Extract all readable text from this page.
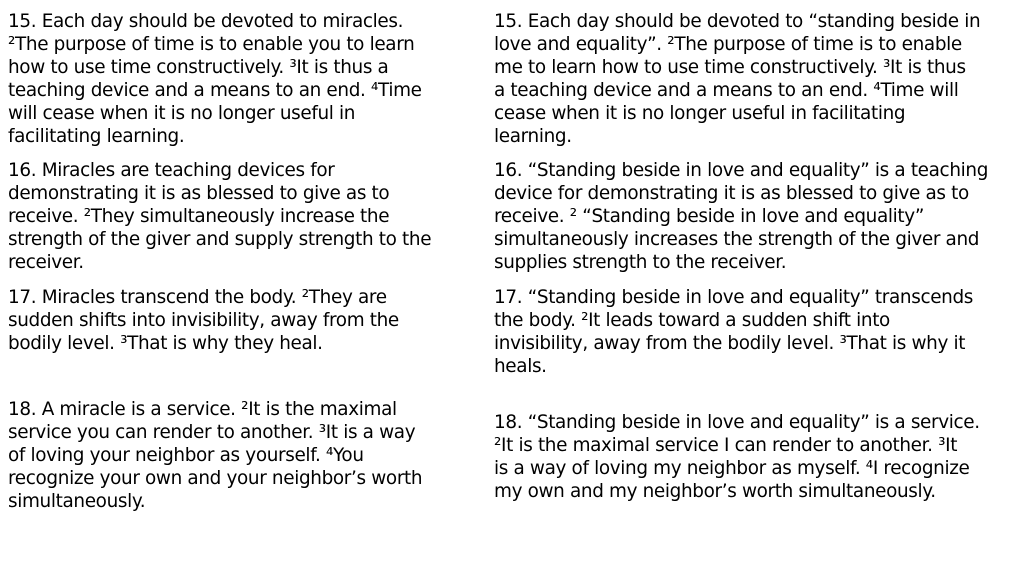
15. Each day should be devoted to miracles.
²The purpose of time is to enable you to learn
how to use time constructively. ³It is thus a
teaching device and a means to an end. ⁴Time
will cease when it is no longer useful in
facilitating learning.

16. Miracles are teaching devices for
demonstrating it is as blessed to give as to
receive. ²They simultaneously increase the
strength of the giver and supply strength to the
receiver.

17. Miracles transcend the body. ²They are
sudden shifts into invisibility, away from the
bodily level. ³That is why they heal.

18. A miracle is a service. ²It is the maximal
service you can render to another. ³It is a way
of loving your neighbor as yourself. ⁴You
recognize your own and your neighbor’s worth
simultaneously.

15. Each day should be devoted to “standing beside in
love and equality”. ²The purpose of time is to enable
me to learn how to use time constructively. ³It is thus
a teaching device and a means to an end. ⁴Time will
cease when it is no longer useful in facilitating
learning.

16. “Standing beside in love and equality” is a teaching
device for demonstrating it is as blessed to give as to
receive. ² “Standing beside in love and equality”
simultaneously increases the strength of the giver and
supplies strength to the receiver.

17. “Standing beside in love and equality” transcends
the body. ²It leads toward a sudden shift into
invisibility, away from the bodily level. ³That is why it
heals.

18. “Standing beside in love and equality” is a service.
²It is the maximal service I can render to another. ³It
is a way of loving my neighbor as myself. ⁴I recognize
my own and my neighbor’s worth simultaneously.
